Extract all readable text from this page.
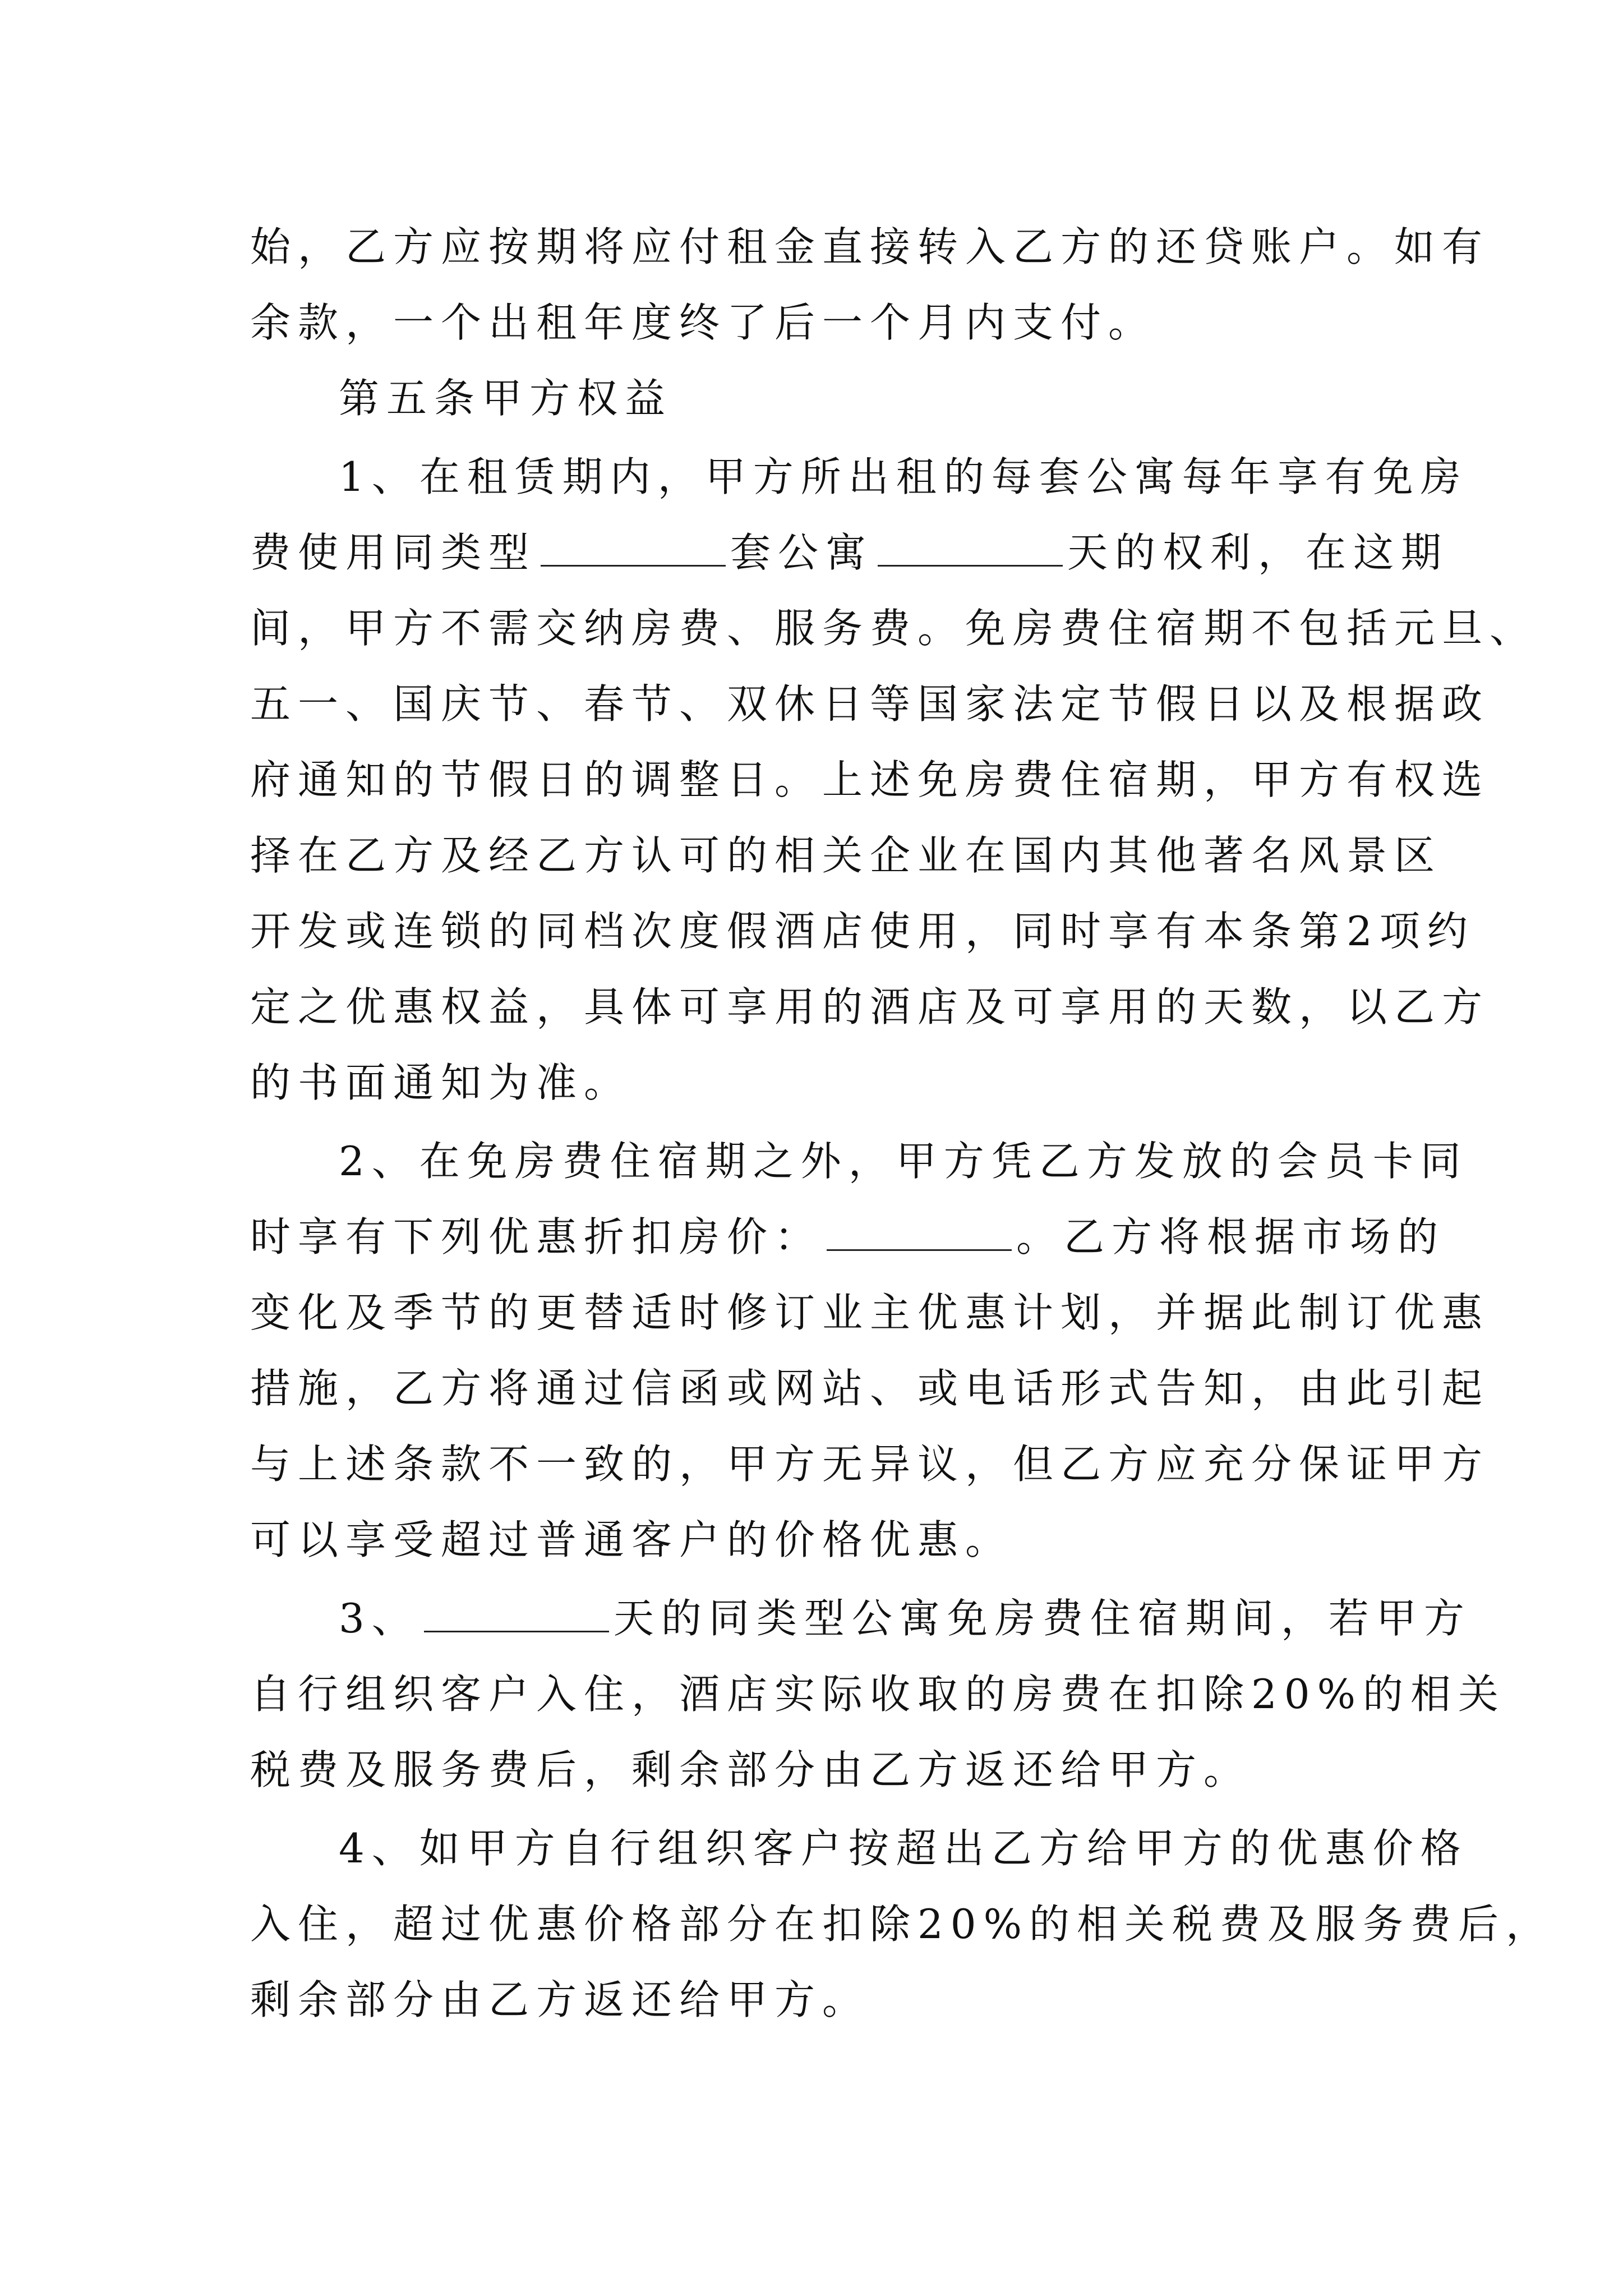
始，乙方应按期将应付租金直接转入乙方的还贷账户。如有
余款，一个出租年度终了后一个月内支付。
第五条甲方权益
1、在租赁期内，甲方所出租的每套公寓每年享有免房
费使用同类型	套公寓	天的权利，在这期
间，甲方不需交纳房费、服务费。免房费住宿期不包括元旦、
五一、国庆节、春节、双休日等国家法定节假日以及根据政
府通知的节假日的调整日。上述免房费住宿期，甲方有权选
择在乙方及经乙方认可的相关企业在国内其他著名风景区
开发或连锁的同档次度假酒店使用，同时享有本条第2项约
定之优惠权益，具体可享用的酒店及可享用的天数，以乙方
的书面通知为准。
2、在免房费住宿期之外，甲方凭乙方发放的会员卡同
时享有下列优惠折扣房价：	。乙方将根据市场的
变化及季节的更替适时修订业主优惠计划，并据此制订优惠
措施，乙方将通过信函或网站、或电话形式告知，由此引起
与上述条款不一致的，甲方无异议，但乙方应充分保证甲方
可以享受超过普通客户的价格优惠。
3、	天的同类型公寓免房费住宿期间，若甲方
自行组织客户入住，酒店实际收取的房费在扣除20%的相关
税费及服务费后，剩余部分由乙方返还给甲方。
4、如甲方自行组织客户按超出乙方给甲方的优惠价格
入住，超过优惠价格部分在扣除20%的相关税费及服务费后，
剩余部分由乙方返还给甲方。
